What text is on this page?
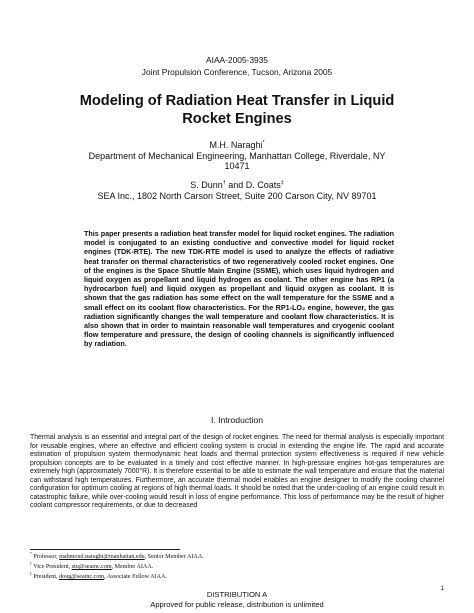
AIAA-2005-3935
Joint Propulsion Conference, Tucson, Arizona 2005
Modeling of Radiation Heat Transfer in Liquid
Rocket Engines
M.H. Naraghi*
Department of Mechanical Engineering, Manhattan College, Riverdale, NY
10471
S. Dunn† and D. Coats‡
SEA Inc., 1802 North Carson Street, Suite 200 Carson City, NV 89701
This paper presents a radiation heat transfer model for liquid rocket engines. The radiation model is conjugated to an existing conductive and convective model for liquid rocket engines (TDK-RTE). The new TDK-RTE model is used to analyze the effects of radiative heat transfer on thermal characteristics of two regeneratively cooled rocket engines. One of the engines is the Space Shuttle Main Engine (SSME), which uses liquid hydrogen and liquid oxygen as propellant and liquid hydrogen as coolant. The other engine has RP1 (a hydrocarbon fuel) and liquid oxygen as propellant and liquid oxygen as coolant. It is shown that the gas radiation has some effect on the wall temperature for the SSME and a small effect on its coolant flow characteristics. For the RP1-LO₂ engine, however, the gas radiation significantly changes the wall temperature and coolant flow characteristics. It is also shown that in order to maintain reasonable wall temperatures and cryogenic coolant flow temperature and pressure, the design of cooling channels is significantly influenced by radiation.
I. Introduction
Thermal analysis is an essential and integral part of the design of rocket engines. The need for thermal analysis is especially important for reusable engines, where an effective and efficient cooling system is crucial in extending the engine life. The rapid and accurate estimation of propulsion system thermodynamic heat loads and thermal protection system effectiveness is required if new vehicle propulsion concepts are to be evaluated in a timely and cost effective manner. In high-pressure engines hot-gas temperatures are extremely high (approximately 7000°R). It is therefore essential to be able to estimate the wall temperature and ensure that the material can withstand high temperatures. Furthermore, an accurate thermal model enables an engine designer to modify the cooling channel configuration for optimum cooling at regions of high thermal loads. It should be noted that the under-cooling of an engine could result in catastrophic failure, while over-cooling would result in loss of engine performance. This loss of performance may be the result of higher coolant compressor requirements, or due to decreased
* Professor, mahmoud.naraghi@manhattan.edu, Senior Member AIAA.
† Vice President, stu@seainc.com, Member AIAA.
‡ President, doug@seainc.com, Associate Fellow AIAA.
1
DISTRIBUTION A
Approved for public release, distribution is unlimited
